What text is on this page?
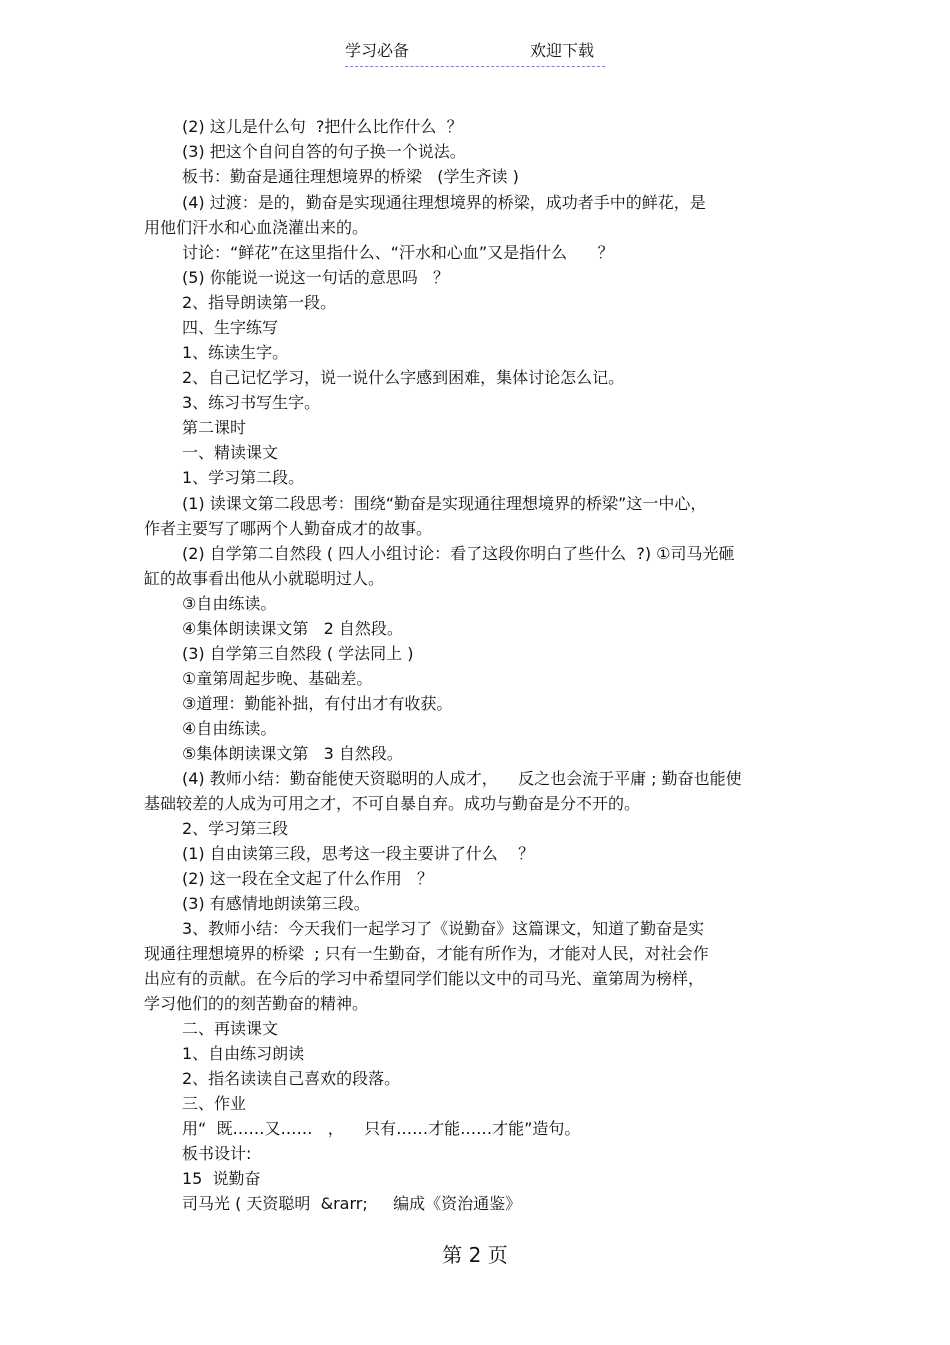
学习必备	欢迎下载
(2) 这儿是什么句  ?把什么比作什么  ？
(3) 把这个自问自答的句子换一个说法。
板书：勤奋是通往理想境界的桥梁   (学生齐读 )
(4) 过渡：是的，勤奋是实现通往理想境界的桥梁，成功者手中的鲜花，是
用他们汗水和心血浇灌出来的。
讨论：“鲜花”在这里指什么、“汗水和心血”又是指什么      ？
(5) 你能说一说这一句话的意思吗   ？
2、指导朗读第一段。
四、生字练写
1、练读生字。
2、自己记忆学习，说一说什么字感到困难，集体讨论怎么记。
3、练习书写生字。
第二课时
一、精读课文
1、学习第二段。
(1) 读课文第二段思考：围绕“勤奋是实现通往理想境界的桥梁”这一中心，
作者主要写了哪两个人勤奋成才的故事。
(2) 自学第二自然段 ( 四人小组讨论：看了这段你明白了些什么  ?) ①司马光砸
缸的故事看出他从小就聪明过人。
③自由练读。
④集体朗读课文第   2 自然段。
(3) 自学第三自然段 ( 学法同上 )
①童第周起步晚、基础差。
③道理：勤能补拙，有付出才有收获。
④自由练读。
⑤集体朗读课文第   3 自然段。
(4) 教师小结：勤奋能使天资聪明的人成才，    反之也会流于平庸 ; 勤奋也能使
基础较差的人成为可用之才，不可自暴自弃。成功与勤奋是分不开的。
2、学习第三段
(1) 自由读第三段，思考这一段主要讲了什么    ？
(2) 这一段在全文起了什么作用   ？
(3) 有感情地朗读第三段。
3、教师小结：今天我们一起学习了《说勤奋》这篇课文，知道了勤奋是实
现通往理想境界的桥梁  ; 只有一生勤奋，才能有所作为，才能对人民，对社会作
出应有的贡献。在今后的学习中希望同学们能以文中的司马光、童第周为榜样，
学习他们的的刻苦勤奋的精神。
二、再读课文
1、自由练习朗读
2、指名读读自己喜欢的段落。
三、作业
用“  既……又……   ，    只有……才能……才能”造句。
板书设计:
15  说勤奋
司马光 ( 天资聪明  &rarr;     编成《资治通鉴》
第 2 页
